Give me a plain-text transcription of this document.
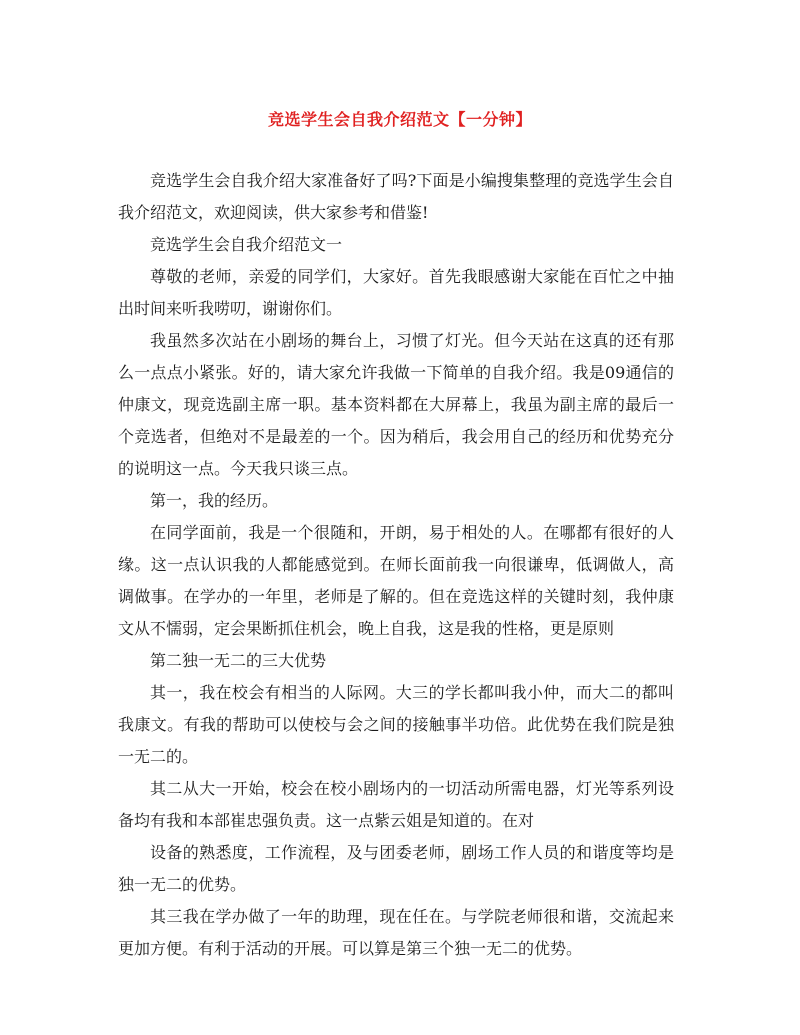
竞选学生会自我介绍范文【一分钟】

竞选学生会自我介绍大家准备好了吗?下面是小编搜集整理的竞选学生会自我介绍范文，欢迎阅读，供大家参考和借鉴!

竞选学生会自我介绍范文一

尊敬的老师，亲爱的同学们，大家好。首先我眼感谢大家能在百忙之中抽出时间来听我唠叨，谢谢你们。

我虽然多次站在小剧场的舞台上，习惯了灯光。但今天站在这真的还有那么一点点小紧张。好的，请大家允许我做一下简单的自我介绍。我是09通信的仲康文，现竞选副主席一职。基本资料都在大屏幕上，我虽为副主席的最后一个竞选者，但绝对不是最差的一个。因为稍后，我会用自己的经历和优势充分的说明这一点。今天我只谈三点。

第一，我的经历。

在同学面前，我是一个很随和，开朗，易于相处的人。在哪都有很好的人缘。这一点认识我的人都能感觉到。在师长面前我一向很谦卑，低调做人，高调做事。在学办的一年里，老师是了解的。但在竞选这样的关键时刻，我仲康文从不懦弱，定会果断抓住机会，晚上自我，这是我的性格，更是原则

第二独一无二的三大优势

其一，我在校会有相当的人际网。大三的学长都叫我小仲，而大二的都叫我康文。有我的帮助可以使校与会之间的接触事半功倍。此优势在我们院是独一无二的。

其二从大一开始，校会在校小剧场内的一切活动所需电器，灯光等系列设备均有我和本部崔忠强负责。这一点紫云姐是知道的。在对

设备的熟悉度，工作流程，及与团委老师，剧场工作人员的和谐度等均是独一无二的优势。

其三我在学办做了一年的助理，现在任在。与学院老师很和谐，交流起来更加方便。有利于活动的开展。可以算是第三个独一无二的优势。
